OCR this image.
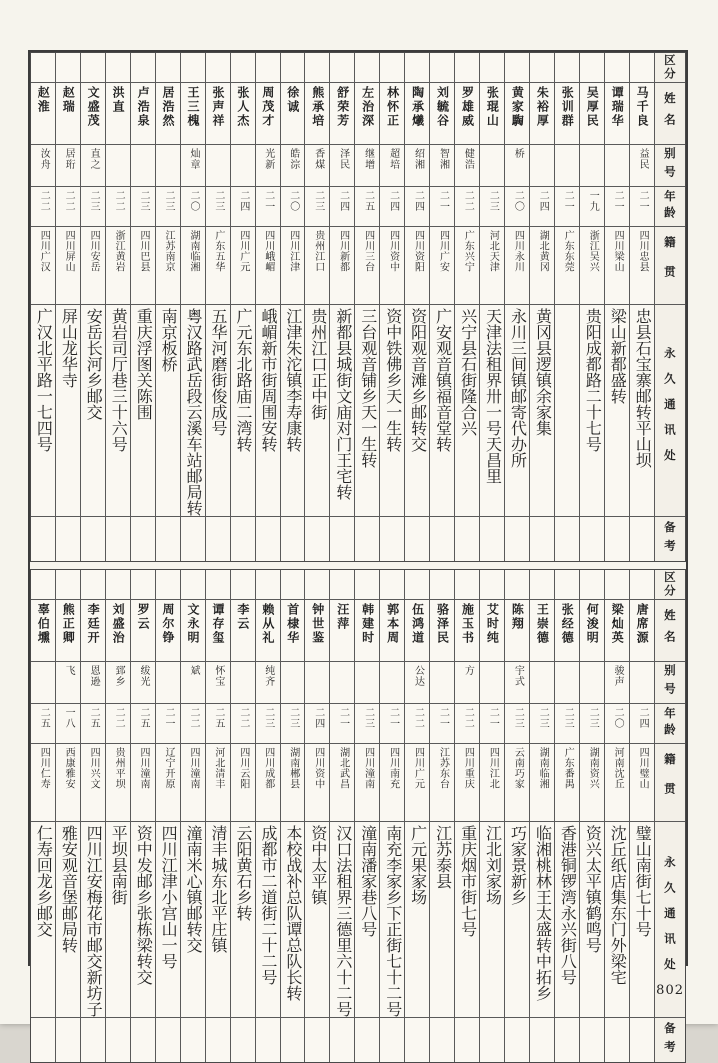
赵淮
汝舟
二二
四川广汉
广汉北平路一七四号
赵瑞
居珩
二二
四川屏山
屏山龙华寺
文盛茂
直之
二三
四川安岳
安岳长河乡邮交
洪直
二二
浙江黄岩
黄岩司厅巷三十六号
卢浩泉
二三
四川巴县
重庆浮图关陈围
居浩然
二三
江苏南京
南京板桥
王三槐
灿章
二〇
湖南临湘
粤汉路武岳段云溪车站邮局转
张声祥
二三
广东五华
五华河磨街俊成号
张人杰
二四
四川广元
广元东北路庙二湾转
周茂才
光新
二一
四川峨嵋
峨嵋新市街周围安转
徐诚
皓淙
二〇
四川江津
江津朱沱镇李寿康转
熊承培
香煤
二三
贵州江口
贵州江口正中街
舒荣芳
泽民
二四
四川新都
新都县城街文庙对门王宅转
左治深
继增
二五
四川三台
三台观音铺乡天一生转
林怀正
超培
二四
四川资中
资中铁佛乡天一生转
陶承爔
绍湘
二四
四川资阳
资阳观音滩乡邮转交
刘毓谷
智湘
二一
四川广安
广安观音镇福音堂转
罗雄威
健浩
二二
广东兴宁
兴宁县石街隆合兴
张琨山
二三
河北天津
天津法租界卅一号天昌里
黄家騊
桥
二〇
四川永川
永川三间镇邮寄代办所
朱裕厚
二四
湖北黄冈
黄冈县逻镇余家集
张训群
二一
广东东莞
吴厚民
一九
浙江吴兴
贵阳成都路二十七号
谭瑞华
二一
四川梁山
梁山新都盛转
马千良
益民
二一
四川忠县
忠县石宝寨邮转平山坝
区分
姓名
别号
年龄
籍贯
永久通讯处
备考
辜伯壎
二五
四川仁寿
仁寿回龙乡邮交
熊正卿
飞
一八
西康雅安
雅安观音堡邮局转
李廷开
恩逊
二五
四川兴文
四川江安梅花市邮交新坊子
刘盛治
郅乡
二二
贵州平坝
平坝县南街
罗云
绂光
二五
四川潼南
资中发邮乡张栋梁转交
周尔铮
二一
辽宁开原
四川江津小宫山一号
文永明
斌
二二
四川潼南
潼南米心镇邮转交
谭存玺
怀宝
二五
河北清丰
清丰城东北平庄镇
李云
二二
四川云阳
云阳黄石乡转
赖从礼
纯齐
二三
四川成都
成都市二道街二十二号
首棣华
二三
湖南郴县
本校战补总队谭总队长转
钟世鉴
二四
四川资中
资中太平镇
汪萍
二一
湖北武昌
汉口法租界三德里六十二号
韩建时
二三
四川潼南
潼南潘家巷八号
郭本周
二一
四川南充
南充李家乡下正街七十二号
伍鸿道
公达
二二
四川广元
广元果家场
骆泽民
二一
江苏东台
江苏泰县
施玉书
方
二二
四川重庆
重庆烟市街七号
艾时纯
二一
四川江北
江北刘家场
陈翔
宇式
二三
云南巧家
巧家景新乡
王崇德
二三
湖南临湘
临湘桃林王太盛转中拓乡
张经德
二三
广东番禺
香港铜锣湾永兴街八号
何浚明
二三
湖南资兴
资兴太平镇鹤鸣号
梁灿英
骏声
二〇
河南沈丘
沈丘纸店集东门外梁宅
唐席源
二四
四川璧山
璧山南街七十号
区分
姓名
别号
年龄
籍贯
永久通讯处
备考
802
